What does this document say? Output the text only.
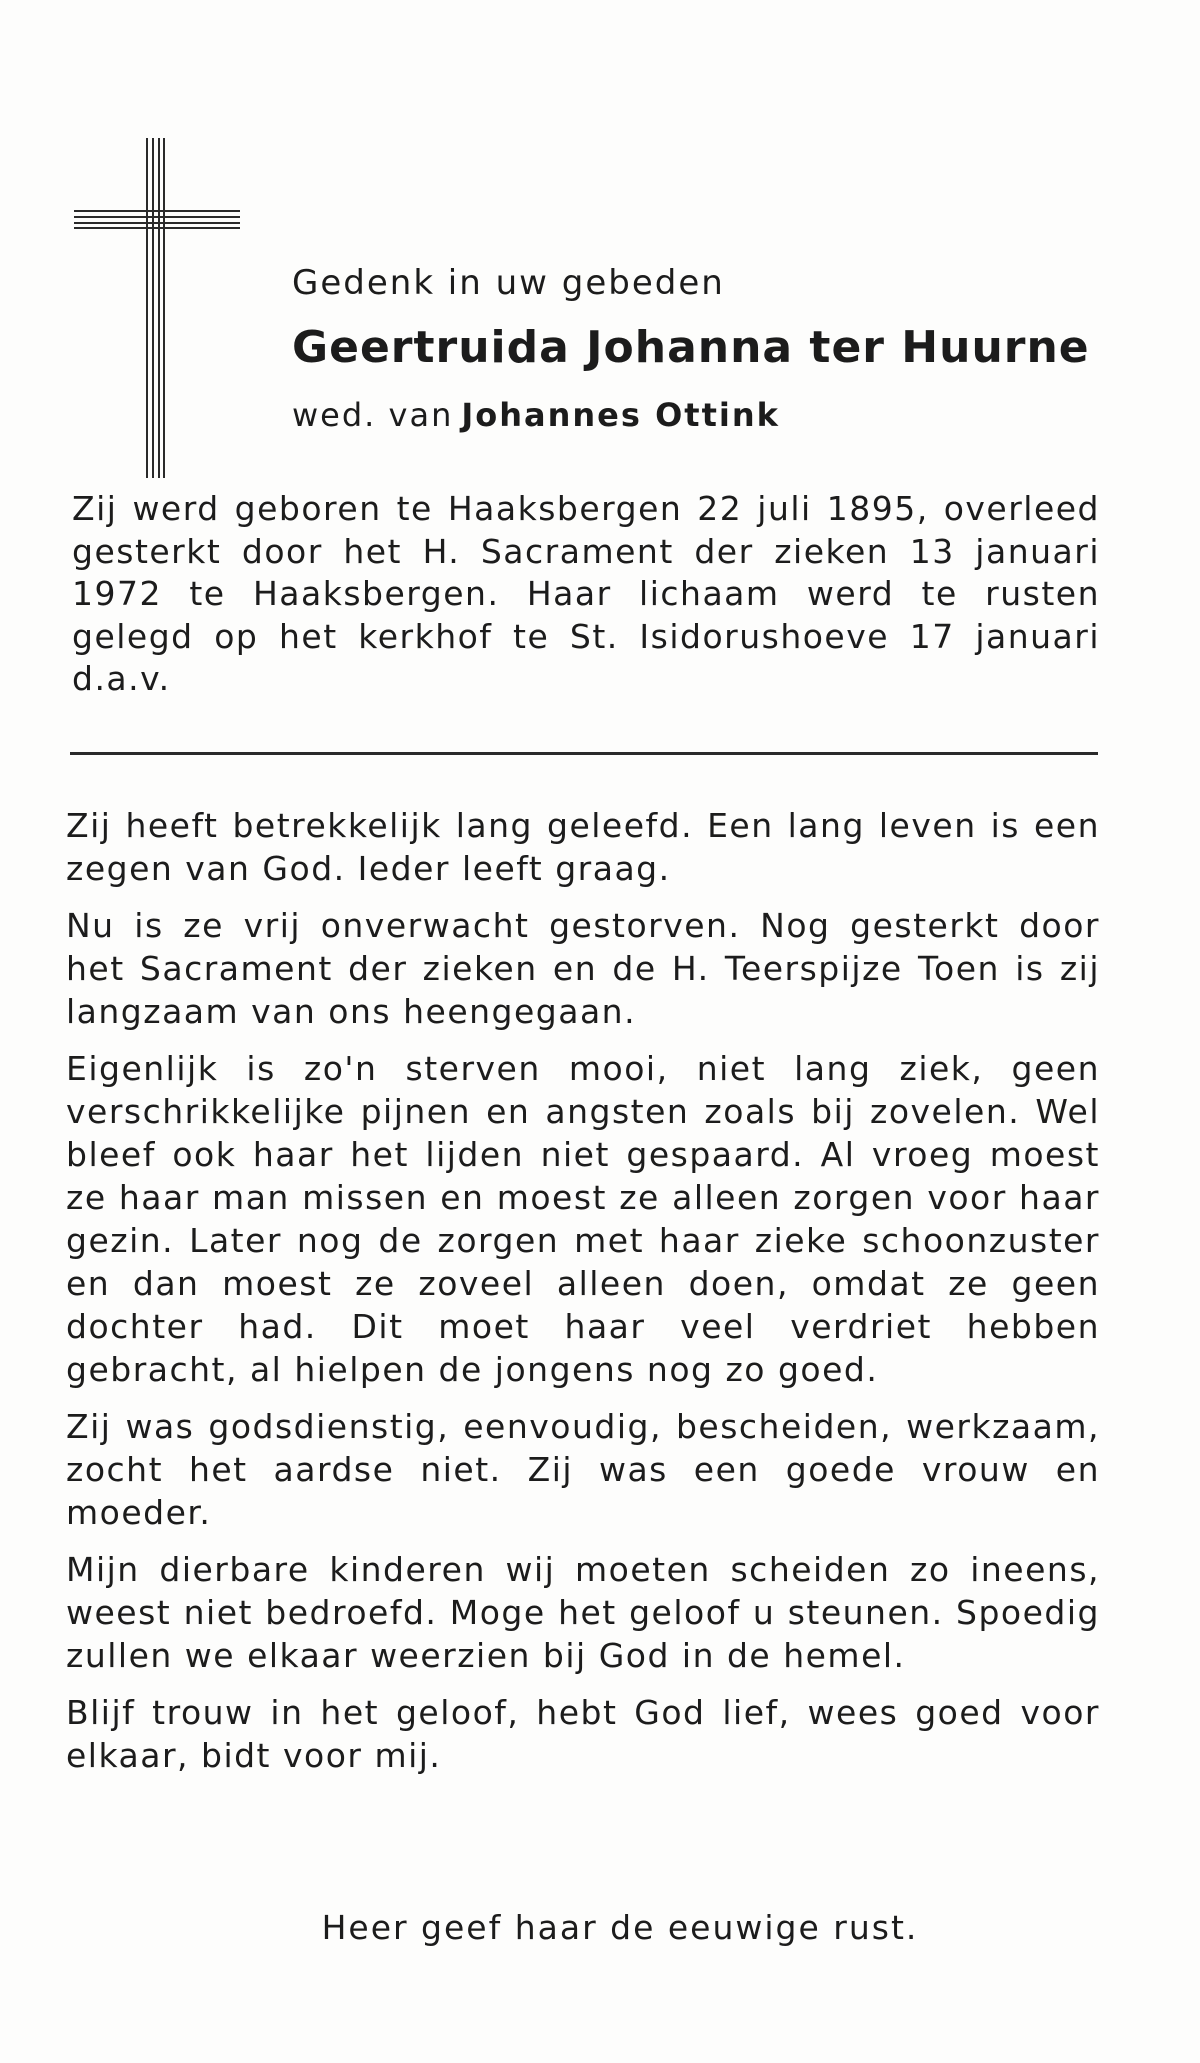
Gedenk in uw gebeden

Geertruida Johanna ter Huurne

wed. van Johannes Ottink

Zij werd geboren te Haaksbergen 22 juli 1895, overleed gesterkt door het H. Sacrament der zieken 13 januari 1972 te Haaksbergen. Haar lichaam werd te rusten gelegd op het kerkhof te St. Isidorushoeve 17 januari d.a.v.

Zij heeft betrekkelijk lang geleefd. Een lang leven is een zegen van God. Ieder leeft graag.

Nu is ze vrij onverwacht gestorven. Nog gesterkt door het Sacrament der zieken en de H. Teerspijze Toen is zij langzaam van ons heengegaan.

Eigenlijk is zo'n sterven mooi, niet lang ziek, geen verschrikkelijke pijnen en angsten zoals bij zovelen. Wel bleef ook haar het lijden niet gespaard. Al vroeg moest ze haar man missen en moest ze alleen zorgen voor haar gezin. Later nog de zorgen met haar zieke schoonzuster en dan moest ze zoveel alleen doen, omdat ze geen dochter had. Dit moet haar veel verdriet hebben gebracht, al hielpen de jongens nog zo goed.

Zij was godsdienstig, eenvoudig, bescheiden, werkzaam, zocht het aardse niet. Zij was een goede vrouw en moeder.

Mijn dierbare kinderen wij moeten scheiden zo ineens, weest niet bedroefd. Moge het geloof u steunen. Spoedig zullen we elkaar weerzien bij God in de hemel.

Blijf trouw in het geloof, hebt God lief, wees goed voor elkaar, bidt voor mij.

Heer geef haar de eeuwige rust.
